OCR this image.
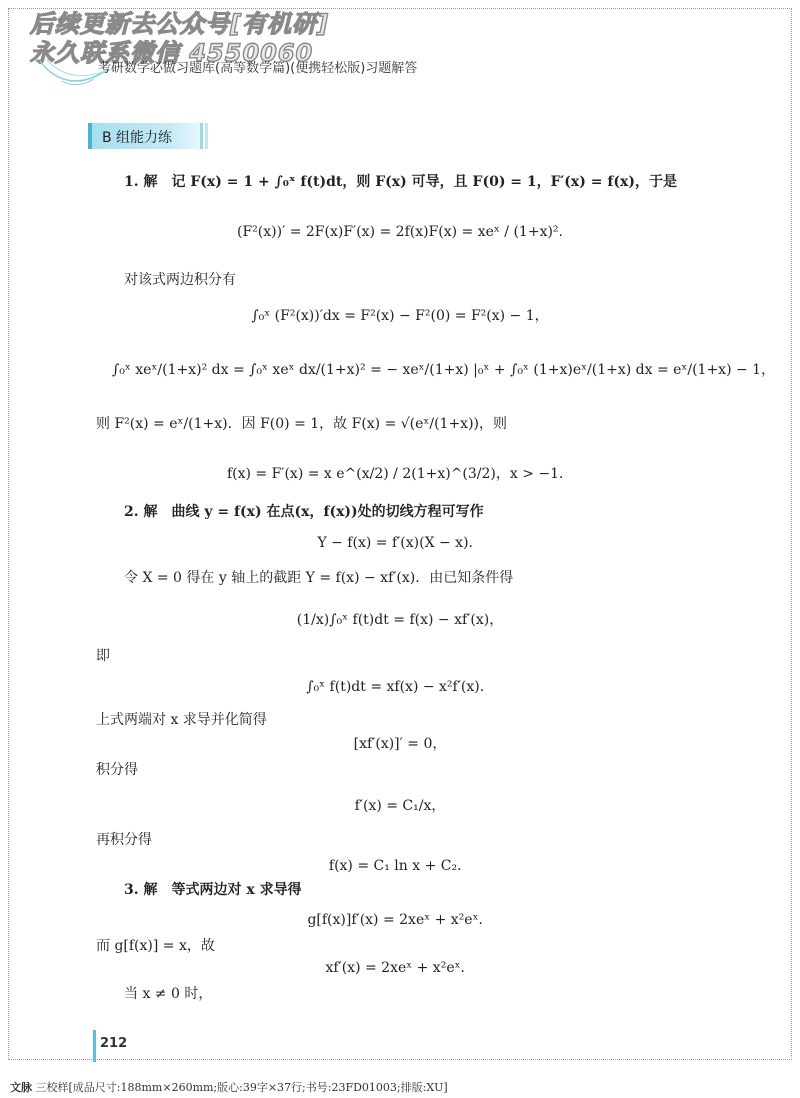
后续更新去公众号[有机研]
永久联系微信 4550060
考研数学必做习题库(高等数学篇)(便携轻松版)习题解答
B 组能力练
1. 解　记 F(x) = 1 + ∫₀ˣ f(t)dt，则 F(x) 可导，且 F(0) = 1，F′(x) = f(x)，于是
(F²(x))′ = 2F(x)F′(x) = 2f(x)F(x) = xeˣ / (1+x)².
对该式两边积分有
∫₀ˣ (F²(x))′dx = F²(x) − F²(0) = F²(x) − 1，
∫₀ˣ xeˣ/(1+x)² dx = ∫₀ˣ xeˣ dx/(1+x)² = − xeˣ/(1+x) |₀ˣ + ∫₀ˣ (1+x)eˣ/(1+x) dx = eˣ/(1+x) − 1，
则 F²(x) = eˣ/(1+x)．因 F(0) = 1，故 F(x) = √(eˣ/(1+x))，则
f(x) = F′(x) = x e^(x/2) / 2(1+x)^(3/2)，x > −1．
2. 解　曲线 y = f(x) 在点(x，f(x))处的切线方程可写作
Y − f(x) = f′(x)(X − x)．
令 X = 0 得在 y 轴上的截距 Y = f(x) − xf′(x)．由已知条件得
(1/x)∫₀ˣ f(t)dt = f(x) − xf′(x)，
即
∫₀ˣ f(t)dt = xf(x) − x²f′(x)．
上式两端对 x 求导并化简得
[xf′(x)]′ = 0，
积分得
f′(x) = C₁/x，
再积分得
f(x) = C₁ ln x + C₂．
3. 解　等式两边对 x 求导得
g[f(x)]f′(x) = 2xeˣ + x²eˣ．
而 g[f(x)] = x，故
xf′(x) = 2xeˣ + x²eˣ．
当 x ≠ 0 时，
212
文脉 三校样[成品尺寸:188mm×260mm;版心:39字×37行;书号:23FD01003;排版:XU]
